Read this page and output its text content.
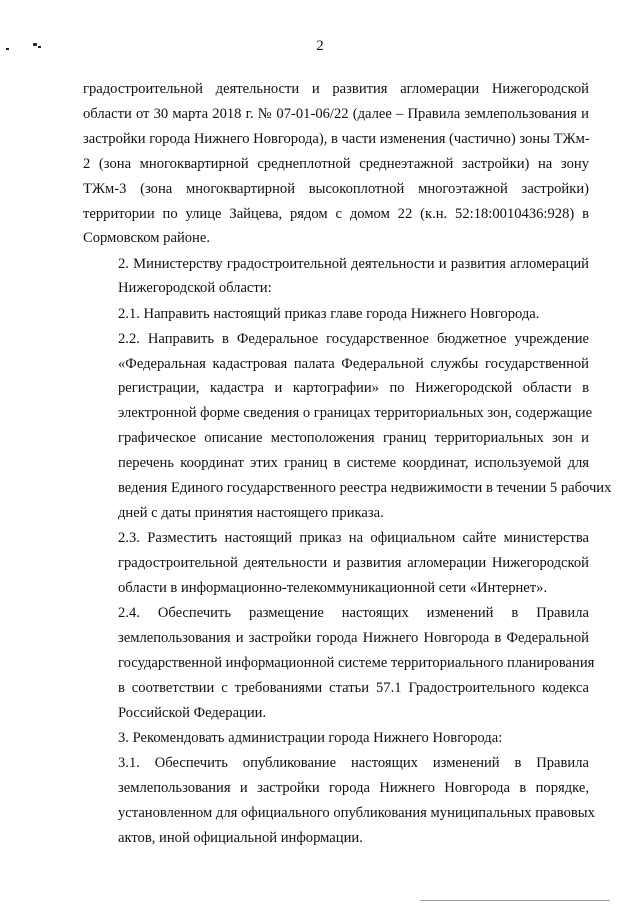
2
градостроительной деятельности и развития агломерации Нижегородской
области от 30 марта 2018 г. № 07-01-06/22 (далее – Правила землепользования и
застройки города Нижнего Новгорода), в части изменения (частично) зоны ТЖм-
2 (зона многоквартирной среднеплотной среднеэтажной застройки) на зону
ТЖм-3 (зона многоквартирной высокоплотной многоэтажной застройки)
территории по улице Зайцева, рядом с домом 22 (к.н. 52:18:0010436:928) в
Сормовском районе.
2. Министерству градостроительной деятельности и развития агломераций
Нижегородской области:
2.1. Направить настоящий приказ главе города Нижнего Новгорода.
2.2. Направить в Федеральное государственное бюджетное учреждение
«Федеральная кадастровая палата Федеральной службы государственной
регистрации, кадастра и картографии» по Нижегородской области в
электронной форме сведения о границах территориальных зон, содержащие
графическое описание местоположения границ территориальных зон и
перечень координат этих границ в системе координат, используемой для
ведения Единого государственного реестра недвижимости в течении 5 рабочих
дней с даты принятия настоящего приказа.
2.3. Разместить настоящий приказ на официальном сайте министерства
градостроительной деятельности и развития агломерации Нижегородской
области в информационно-телекоммуникационной сети «Интернет».
2.4. Обеспечить размещение настоящих изменений в Правила
землепользования и застройки города Нижнего Новгорода в Федеральной
государственной информационной системе территориального планирования
в соответствии с требованиями статьи 57.1 Градостроительного кодекса
Российской Федерации.
3. Рекомендовать администрации города Нижнего Новгорода:
3.1. Обеспечить опубликование настоящих изменений в Правила
землепользования и застройки города Нижнего Новгорода в порядке,
установленном для официального опубликования муниципальных правовых
актов, иной официальной информации.
